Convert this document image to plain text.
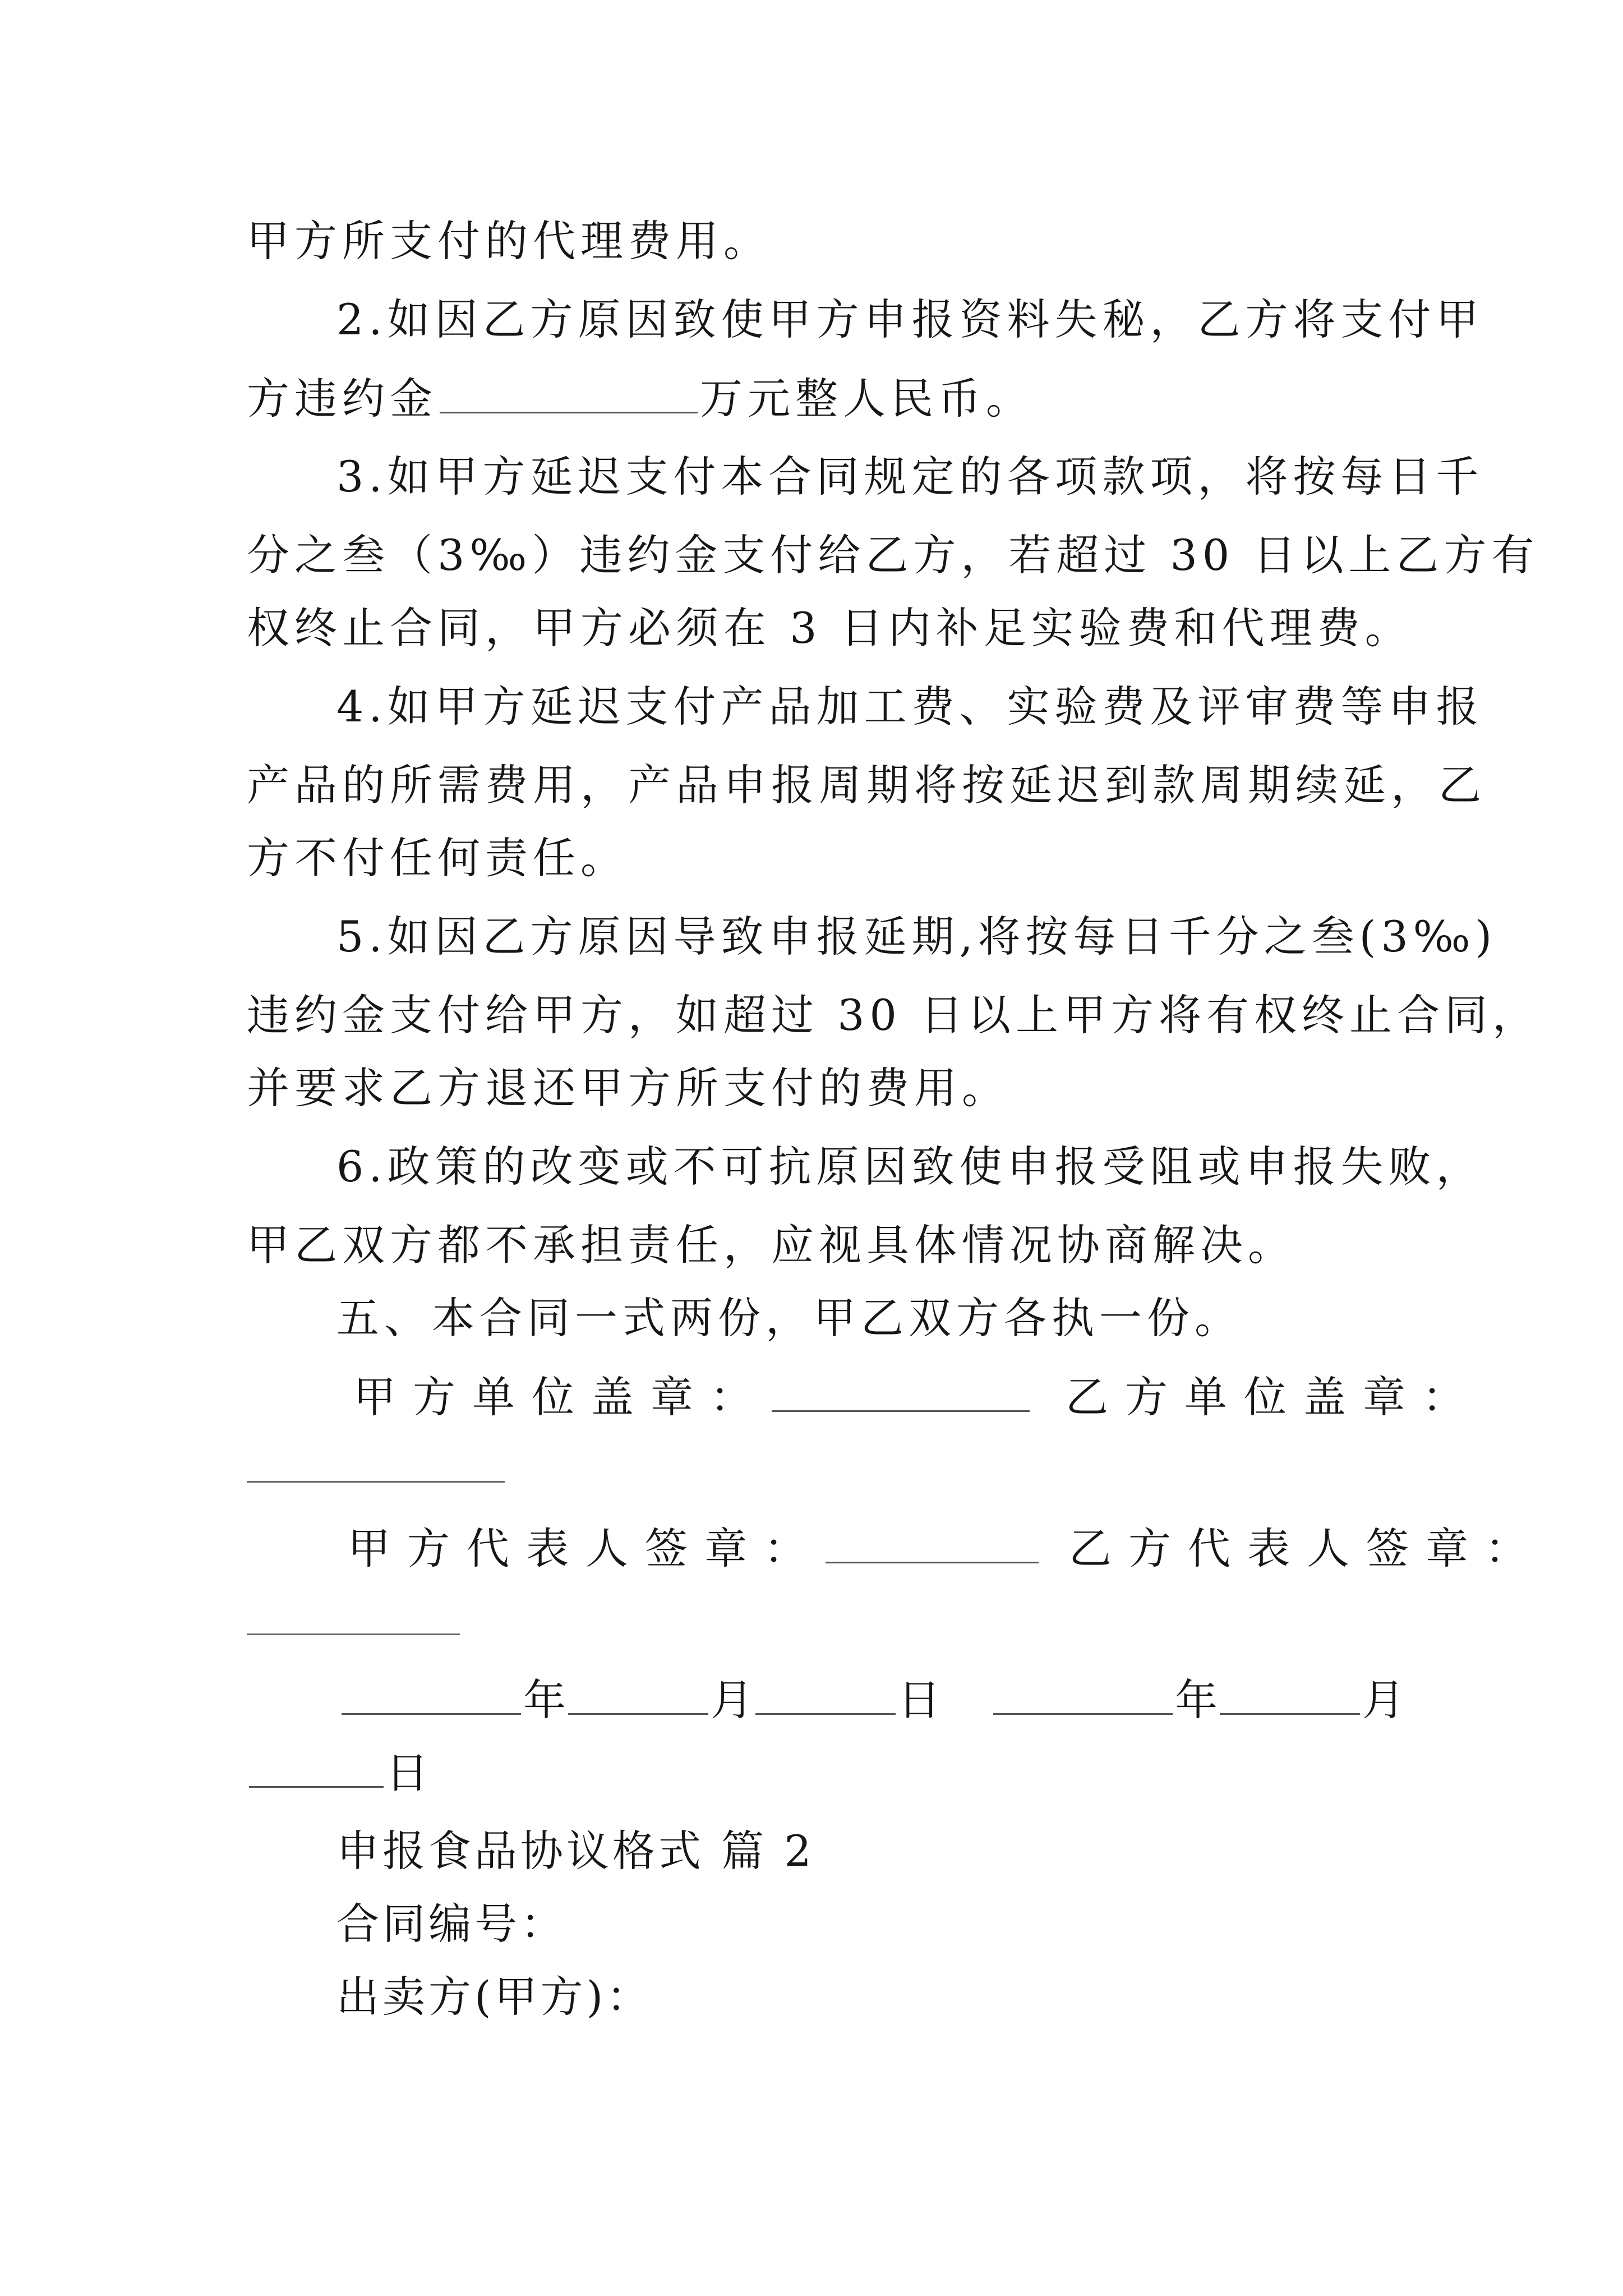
甲方所支付的代理费用。
2.如因乙方原因致使甲方申报资料失秘，乙方将支付甲
方违约金	万元整人民币。
3.如甲方延迟支付本合同规定的各项款项，将按每日千
分之叁（3‰）违约金支付给乙方，若超过 30 日以上乙方有
权终止合同，甲方必须在 3 日内补足实验费和代理费。
4.如甲方延迟支付产品加工费、实验费及评审费等申报
产品的所需费用，产品申报周期将按延迟到款周期续延，乙
方不付任何责任。
5.如因乙方原因导致申报延期,将按每日千分之叁(3‰)
违约金支付给甲方，如超过 30 日以上甲方将有权终止合同，
并要求乙方退还甲方所支付的费用。
6.政策的改变或不可抗原因致使申报受阻或申报失败，
甲乙双方都不承担责任，应视具体情况协商解决。
五、本合同一式两份，甲乙双方各执一份。
甲方单位盖章：	乙方单位盖章：
甲方代表人签章：	乙方代表人签章：
年	月	日	年	月
日
申报食品协议格式 篇 2
合同编号：
出卖方(甲方)：
